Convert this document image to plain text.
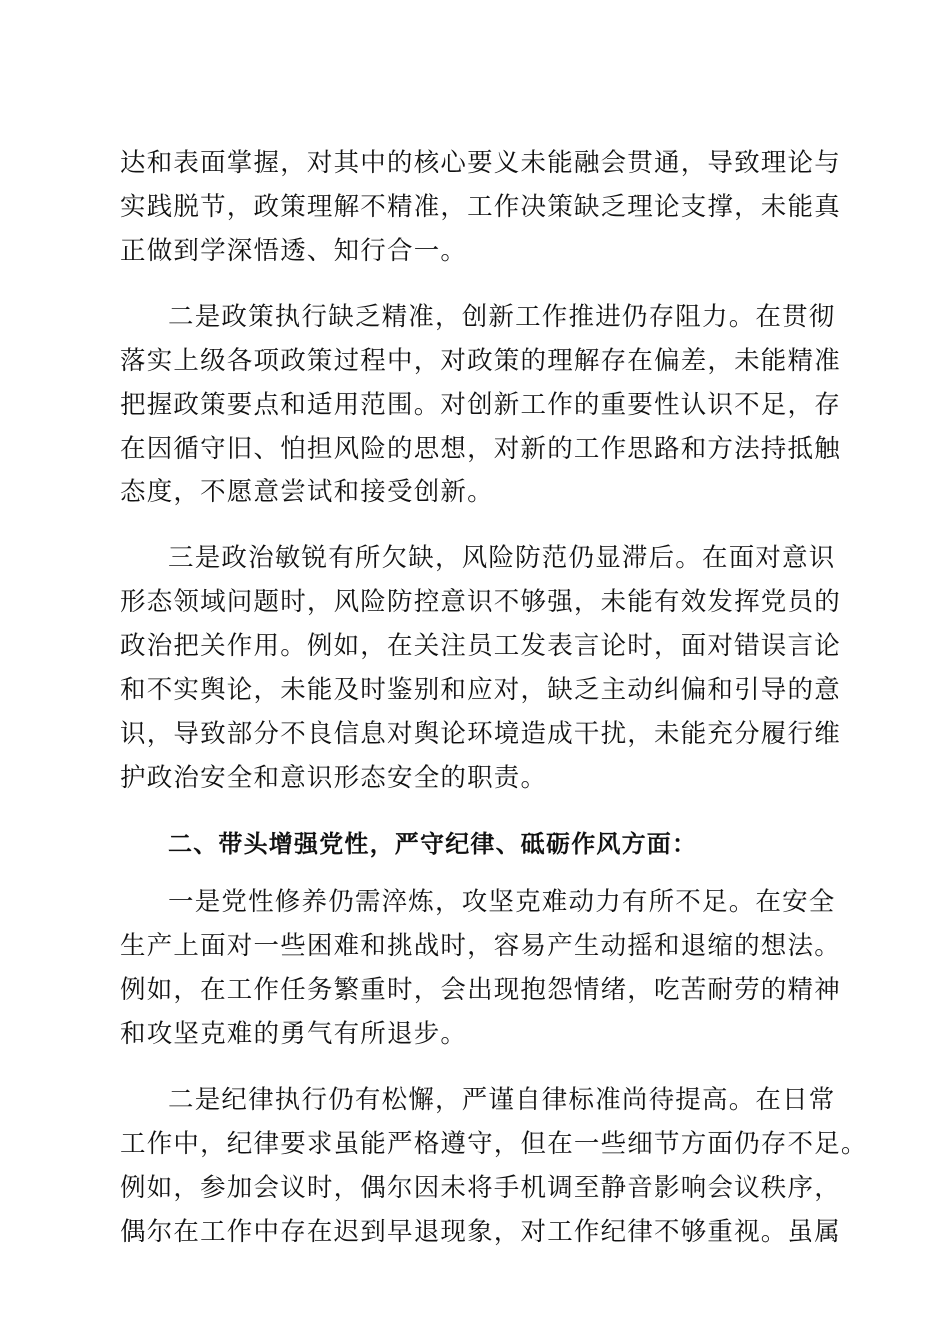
达和表面掌握，对其中的核心要义未能融会贯通，导致理论与
实践脱节，政策理解不精准，工作决策缺乏理论支撑，未能真
正做到学深悟透、知行合一。
二是政策执行缺乏精准，创新工作推进仍存阻力。在贯彻
落实上级各项政策过程中，对政策的理解存在偏差，未能精准
把握政策要点和适用范围。对创新工作的重要性认识不足，存
在因循守旧、怕担风险的思想，对新的工作思路和方法持抵触
态度，不愿意尝试和接受创新。
三是政治敏锐有所欠缺，风险防范仍显滞后。在面对意识
形态领域问题时，风险防控意识不够强，未能有效发挥党员的
政治把关作用。例如，在关注员工发表言论时，面对错误言论
和不实舆论，未能及时鉴别和应对，缺乏主动纠偏和引导的意
识，导致部分不良信息对舆论环境造成干扰，未能充分履行维
护政治安全和意识形态安全的职责。
二、带头增强党性，严守纪律、砥砺作风方面：
一是党性修养仍需淬炼，攻坚克难动力有所不足。在安全
生产上面对一些困难和挑战时，容易产生动摇和退缩的想法。
例如，在工作任务繁重时，会出现抱怨情绪，吃苦耐劳的精神
和攻坚克难的勇气有所退步。
二是纪律执行仍有松懈，严谨自律标准尚待提高。在日常
工作中，纪律要求虽能严格遵守，但在一些细节方面仍存不足。
例如，参加会议时，偶尔因未将手机调至静音影响会议秩序，
偶尔在工作中存在迟到早退现象，对工作纪律不够重视。虽属
